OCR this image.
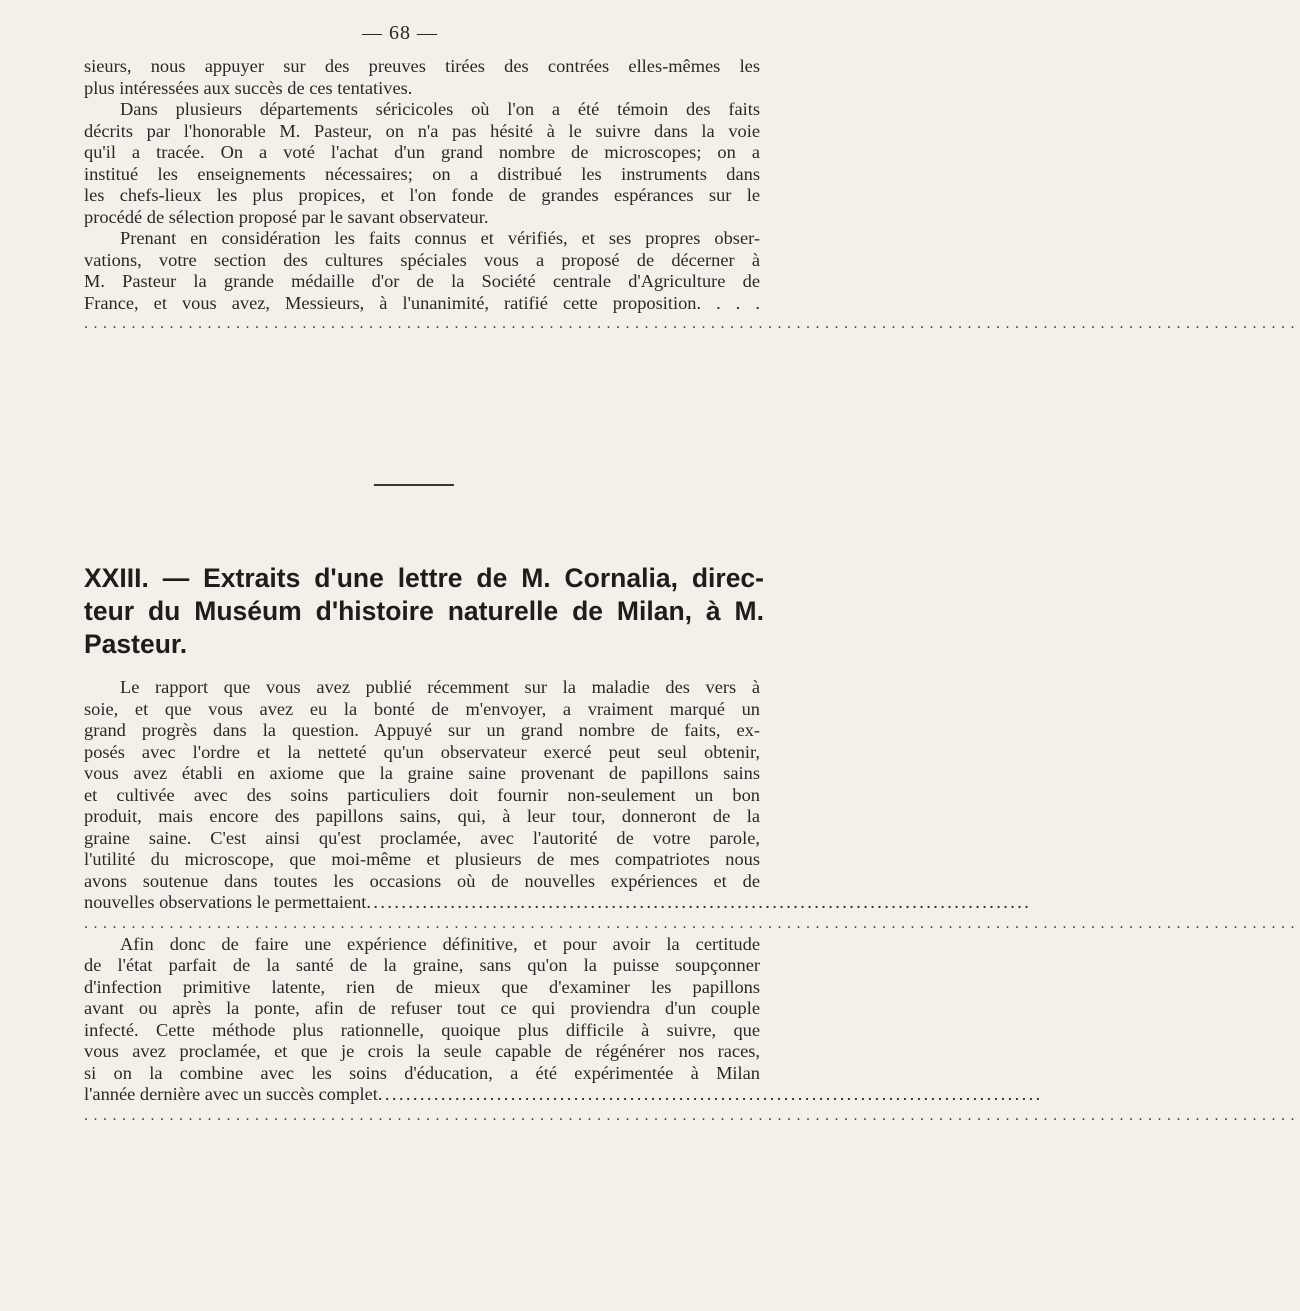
— 68 —

sieurs, nous appuyer sur des preuves tirées des contrées elles-mêmes les
plus intéressées aux succès de ces tentatives.

Dans plusieurs départements séricicoles où l'on a été témoin des faits

décrits par l'honorable M. Pasteur, on n'a pas hésité à le suivre dans la voie
qu'il a tracée. On a voté l'achat d'un grand nombre de microscopes; on a
institué les enseignements nécessaires; on a distribué les instruments dans
les chefs-lieux les plus propices, et l'on fonde de grandes espérances sur le
procédé de sélection proposé par le savant observateur.

Prenant en considération les faits connus et vérifiés, et ses propres obser-

vations, votre section des cultures spéciales vous a proposé de décerner à
M. Pasteur la grande médaille d'or de la Société centrale d'Agriculture de
France, et vous avez, Messieurs, à l'unanimité, ratifié cette proposition. . . .

................................................................................................................................
XXIII. — Extraits d'une lettre de M. Cornalia, direc-
teur du Muséum d'histoire naturelle de Milan, à M.
Pasteur.

Le rapport que vous avez publié récemment sur la maladie des vers à

soie, et que vous avez eu la bonté de m'envoyer, a vraiment marqué un
grand progrès dans la question. Appuyé sur un grand nombre de faits, ex-
posés avec l'ordre et la netteté qu'un observateur exercé peut seul obtenir,
vous avez établi en axiome que la graine saine provenant de papillons sains
et cultivée avec des soins particuliers doit fournir non-seulement un bon
produit, mais encore des papillons sains, qui, à leur tour, donneront de la
graine saine. C'est ainsi qu'est proclamée, avec l'autorité de votre parole,
l'utilité du microscope, que moi-même et plusieurs de mes compatriotes nous
avons soutenue dans toutes les occasions où de nouvelles expériences et de
nouvelles observations le permettaient...............................................................................................

................................................................................................................................

Afin donc de faire une expérience définitive, et pour avoir la certitude

de l'état parfait de la santé de la graine, sans qu'on la puisse soupçonner
d'infection primitive latente, rien de mieux que d'examiner les papillons
avant ou après la ponte, afin de refuser tout ce qui proviendra d'un couple
infecté. Cette méthode plus rationnelle, quoique plus difficile à suivre, que
vous avez proclamée, et que je crois la seule capable de régénérer nos races,
si on la combine avec les soins d'éducation, a été expérimentée à Milan
l'année dernière avec un succès complet...............................................................................................

................................................................................................................................
